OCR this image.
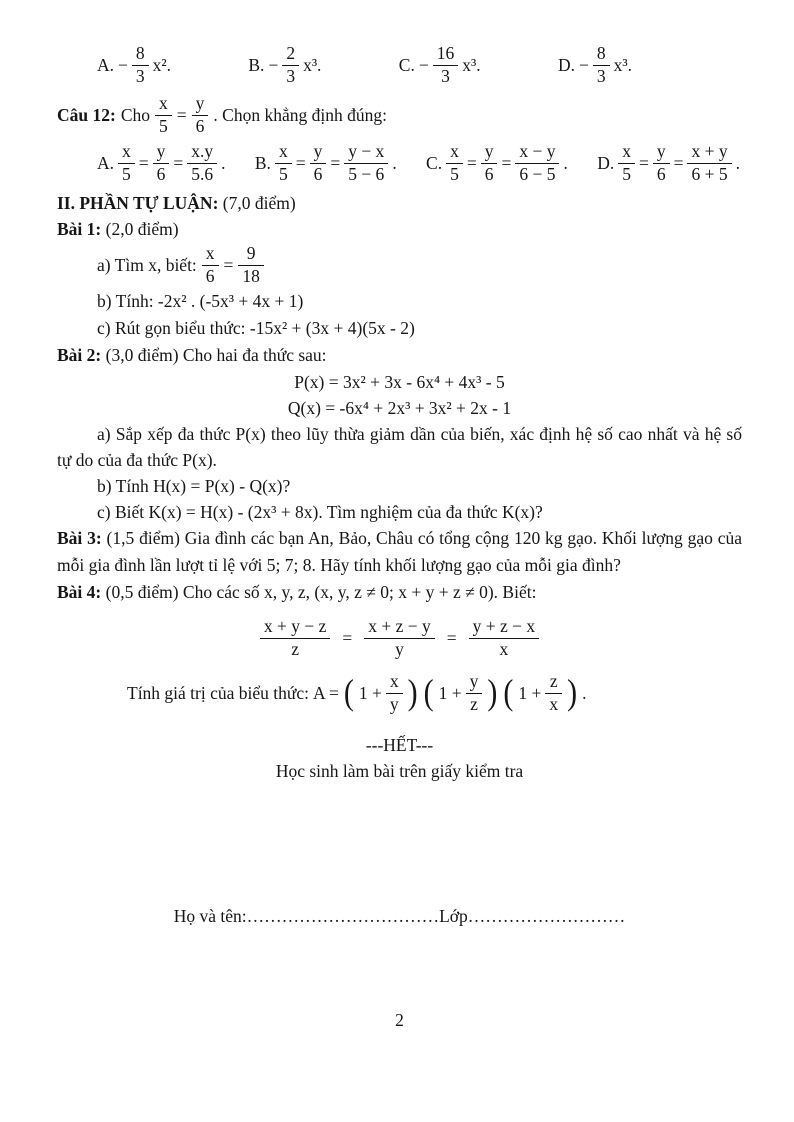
A. − $\frac{8}{3} x^2$.	B. − $\frac{2}{3} x^3$.	C. − $\frac{16}{3} x^3$.	D. − $\frac{8}{3} x^3$.
Câu 12: Cho $\frac{x}{5} = \frac{y}{6}$ . Chọn khẳng định đúng:
A. $\frac{x}{5} = \frac{y}{6} = \frac{x.y}{5.6}$ . B. $\frac{x}{5} = \frac{y}{6} = \frac{y - x}{5 - 6}$ . C. $\frac{x}{5} = \frac{y}{6} = \frac{x - y}{6 - 5}$ . D. $\frac{x}{5} = \frac{y}{6} = \frac{x + y}{6 + 5}$ .
II. PHẦN TỰ LUẬN: (7,0 điểm)
Bài 1: (2,0 điểm)
a) Tìm x, biết: $\frac{x}{6} = \frac{9}{18}$
b) Tính: -2x² . (-5x³ + 4x + 1)
c) Rút gọn biểu thức: -15x² + (3x + 4)(5x - 2)
Bài 2: (3,0 điểm) Cho hai đa thức sau:
P(x) = 3x² + 3x - 6x⁴ + 4x³ - 5
Q(x) = -6x⁴ + 2x³ + 3x² + 2x - 1

a) Sắp xếp đa thức P(x) theo lũy thừa giảm dần của biến, xác định hệ số cao nhất và hệ số tự do của đa thức P(x).

b) Tính H(x) = P(x) - Q(x)?
c) Biết K(x) = H(x) - (2x³ + 8x). Tìm nghiệm của đa thức K(x)?

Bài 3: (1,5 điểm) Gia đình các bạn An, Bảo, Châu có tổng cộng 120 kg gạo. Khối lượng gạo của mỗi gia đình lần lượt tỉ lệ với 5; 7; 8. Hãy tính khối lượng gạo của mỗi gia đình?

Bài 4: (0,5 điểm) Cho các số x, y, z, (x, y, z ≠ 0; x + y + z ≠ 0). Biết:
$\frac{x + y - z}{z} = \frac{x + z - y}{y} = \frac{y + z - x}{x}$
Tính giá trị của biểu thức: A = ( $1 + \frac{x}{y}$ ) ( $1 + \frac{y}{z}$ ) ( $1 + \frac{z}{x}$ ) .
---HẾT---
Học sinh làm bài trên giấy kiểm tra
Họ và tên:……………………………Lớp………………………
2
